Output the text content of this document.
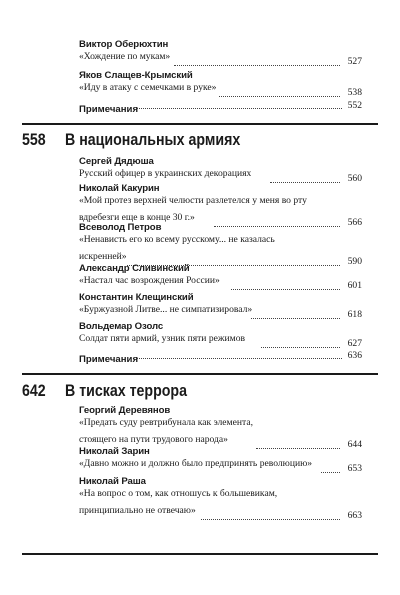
Виктор Оберюхтин
«Хождение по мукам»	527
Яков Слащев-Крымский
«Иду в атаку с семечками в руке»	538
Примечания	552
558 В национальных армиях
Сергей Дядюша
Русский офицер в украинских декорациях	560
Николай Какурин
«Мой протез верхней челюсти разлетелся у меня во рту
вдребезги еще в конце 30 г.»	566
Всеволод Петров
«Ненависть его ко всему русскому... не казалась
искренней»	590
Александр Сливинский
«Настал час возрождения России»	601
Константин Клещинский
«Буржуазной Литве... не симпатизировал»	618
Вольдемар Озолс
Солдат пяти армий, узник пяти режимов	627
Примечания	636
642 В тисках террора
Георгий Деревянов
«Предать суду ревтрибунала как элемента,
стоящего на пути трудового народа»	644
Николай Зарин
«Давно можно и должно было предпринять революцию»	653
Николай Раша
«На вопрос о том, как отношусь к большевикам,
принципиально не отвечаю»	663
